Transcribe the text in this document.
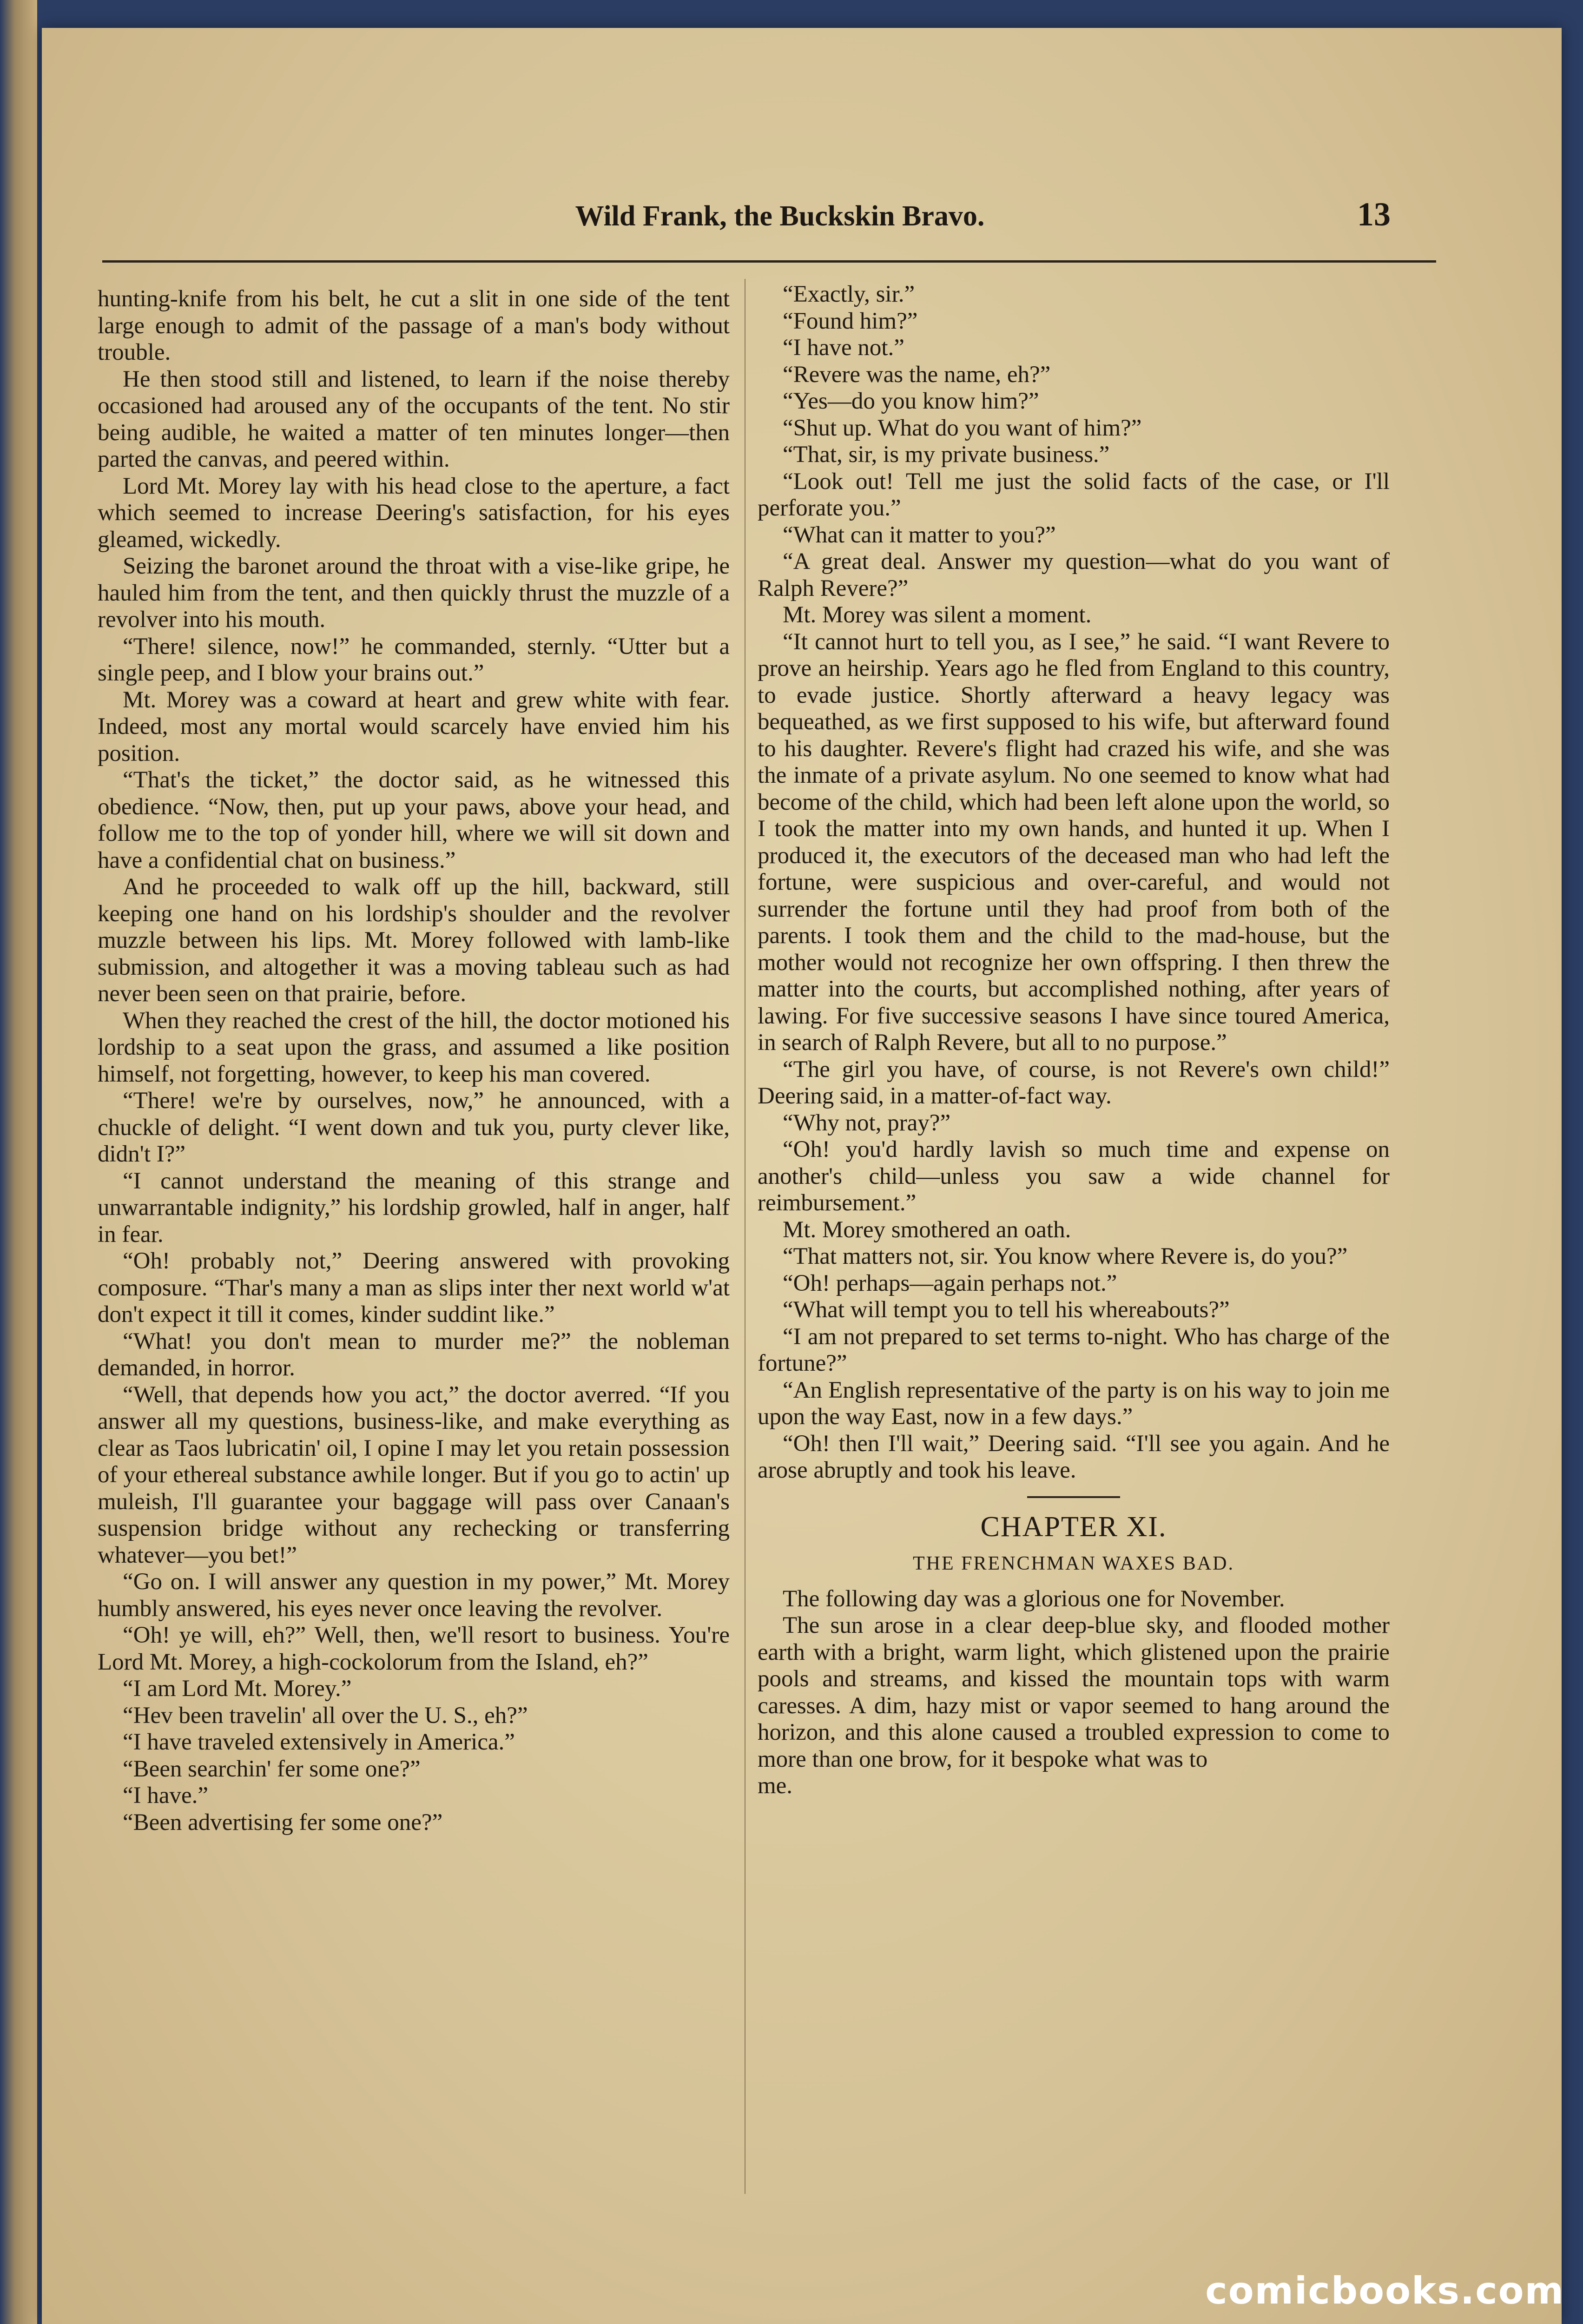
Wild Frank, the Buckskin Bravo.	13

hunting-knife from his belt, he cut a slit in one side of the tent large enough to admit of the passage of a man's body without trouble.

He then stood still and listened, to learn if the noise thereby occasioned had aroused any of the occupants of the tent. No stir being audible, he waited a matter of ten minutes longer—then parted the canvas, and peered within.

Lord Mt. Morey lay with his head close to the aperture, a fact which seemed to increase Deering's satisfaction, for his eyes gleamed, wickedly.

Seizing the baronet around the throat with a vise-like gripe, he hauled him from the tent, and then quickly thrust the muzzle of a revolver into his mouth.

“There! silence, now!” he commanded, sternly. “Utter but a single peep, and I blow your brains out.”

Mt. Morey was a coward at heart and grew white with fear. Indeed, most any mortal would scarcely have envied him his position.

“That's the ticket,” the doctor said, as he witnessed this obedience. “Now, then, put up your paws, above your head, and follow me to the top of yonder hill, where we will sit down and have a confidential chat on business.”

And he proceeded to walk off up the hill, backward, still keeping one hand on his lordship's shoulder and the revolver muzzle between his lips. Mt. Morey followed with lamb-like submission, and altogether it was a moving tableau such as had never been seen on that prairie, before.

When they reached the crest of the hill, the doctor motioned his lordship to a seat upon the grass, and assumed a like position himself, not forgetting, however, to keep his man covered.

“There! we're by ourselves, now,” he announced, with a chuckle of delight. “I went down and tuk you, purty clever like, didn't I?”

“I cannot understand the meaning of this strange and unwarrantable indignity,” his lordship growled, half in anger, half in fear.

“Oh! probably not,” Deering answered with provoking composure. “Thar's many a man as slips inter ther next world w'at don't expect it till it comes, kinder suddint like.”

“What! you don't mean to murder me?” the nobleman demanded, in horror.

“Well, that depends how you act,” the doctor averred. “If you answer all my questions, business-like, and make everything as clear as Taos lubricatin' oil, I opine I may let you retain possession of your ethereal substance awhile longer. But if you go to actin' up muleish, I'll guarantee your baggage will pass over Canaan's suspension bridge without any rechecking or transferring whatever—you bet!”

“Go on. I will answer any question in my power,” Mt. Morey humbly answered, his eyes never once leaving the revolver.

“Oh! ye will, eh?” Well, then, we'll resort to business. You're Lord Mt. Morey, a high-cockolorum from the Island, eh?”

“I am Lord Mt. Morey.”

“Hev been travelin' all over the U. S., eh?”

“I have traveled extensively in America.”

“Been searchin' fer some one?”

“I have.”

“Been advertising fer some one?”

“Exactly, sir.”

“Found him?”

“I have not.”

“Revere was the name, eh?”

“Yes—do you know him?”

“Shut up. What do you want of him?”

“That, sir, is my private business.”

“Look out! Tell me just the solid facts of the case, or I'll perforate you.”

“What can it matter to you?”

“A great deal. Answer my question—what do you want of Ralph Revere?”

Mt. Morey was silent a moment.

“It cannot hurt to tell you, as I see,” he said. “I want Revere to prove an heirship. Years ago he fled from England to this country, to evade justice. Shortly afterward a heavy legacy was bequeathed, as we first supposed to his wife, but afterward found to his daughter. Revere's flight had crazed his wife, and she was the inmate of a private asylum. No one seemed to know what had become of the child, which had been left alone upon the world, so I took the matter into my own hands, and hunted it up. When I produced it, the executors of the deceased man who had left the fortune, were suspicious and over-careful, and would not surrender the fortune until they had proof from both of the parents. I took them and the child to the mad-house, but the mother would not recognize her own offspring. I then threw the matter into the courts, but accomplished nothing, after years of lawing. For five successive seasons I have since toured America, in search of Ralph Revere, but all to no purpose.”

“The girl you have, of course, is not Revere's own child!” Deering said, in a matter-of-fact way.

“Why not, pray?”

“Oh! you'd hardly lavish so much time and expense on another's child—unless you saw a wide channel for reimbursement.”

Mt. Morey smothered an oath.

“That matters not, sir. You know where Revere is, do you?”

“Oh! perhaps—again perhaps not.”

“What will tempt you to tell his whereabouts?”

“I am not prepared to set terms to-night. Who has charge of the fortune?”

“An English representative of the party is on his way to join me upon the way East, now in a few days.”

“Oh! then I'll wait,” Deering said. “I'll see you again. And he arose abruptly and took his leave.

CHAPTER XI.
THE FRENCHMAN WAXES BAD.

The following day was a glorious one for November.

The sun arose in a clear deep-blue sky, and flooded mother earth with a bright, warm light, which glistened upon the prairie pools and streams, and kissed the mountain tops with warm caresses. A dim, hazy mist or vapor seemed to hang around the horizon, and this alone caused a troubled expression to come to more than one brow, for it bespoke what was to

me.

comicbooks.com
